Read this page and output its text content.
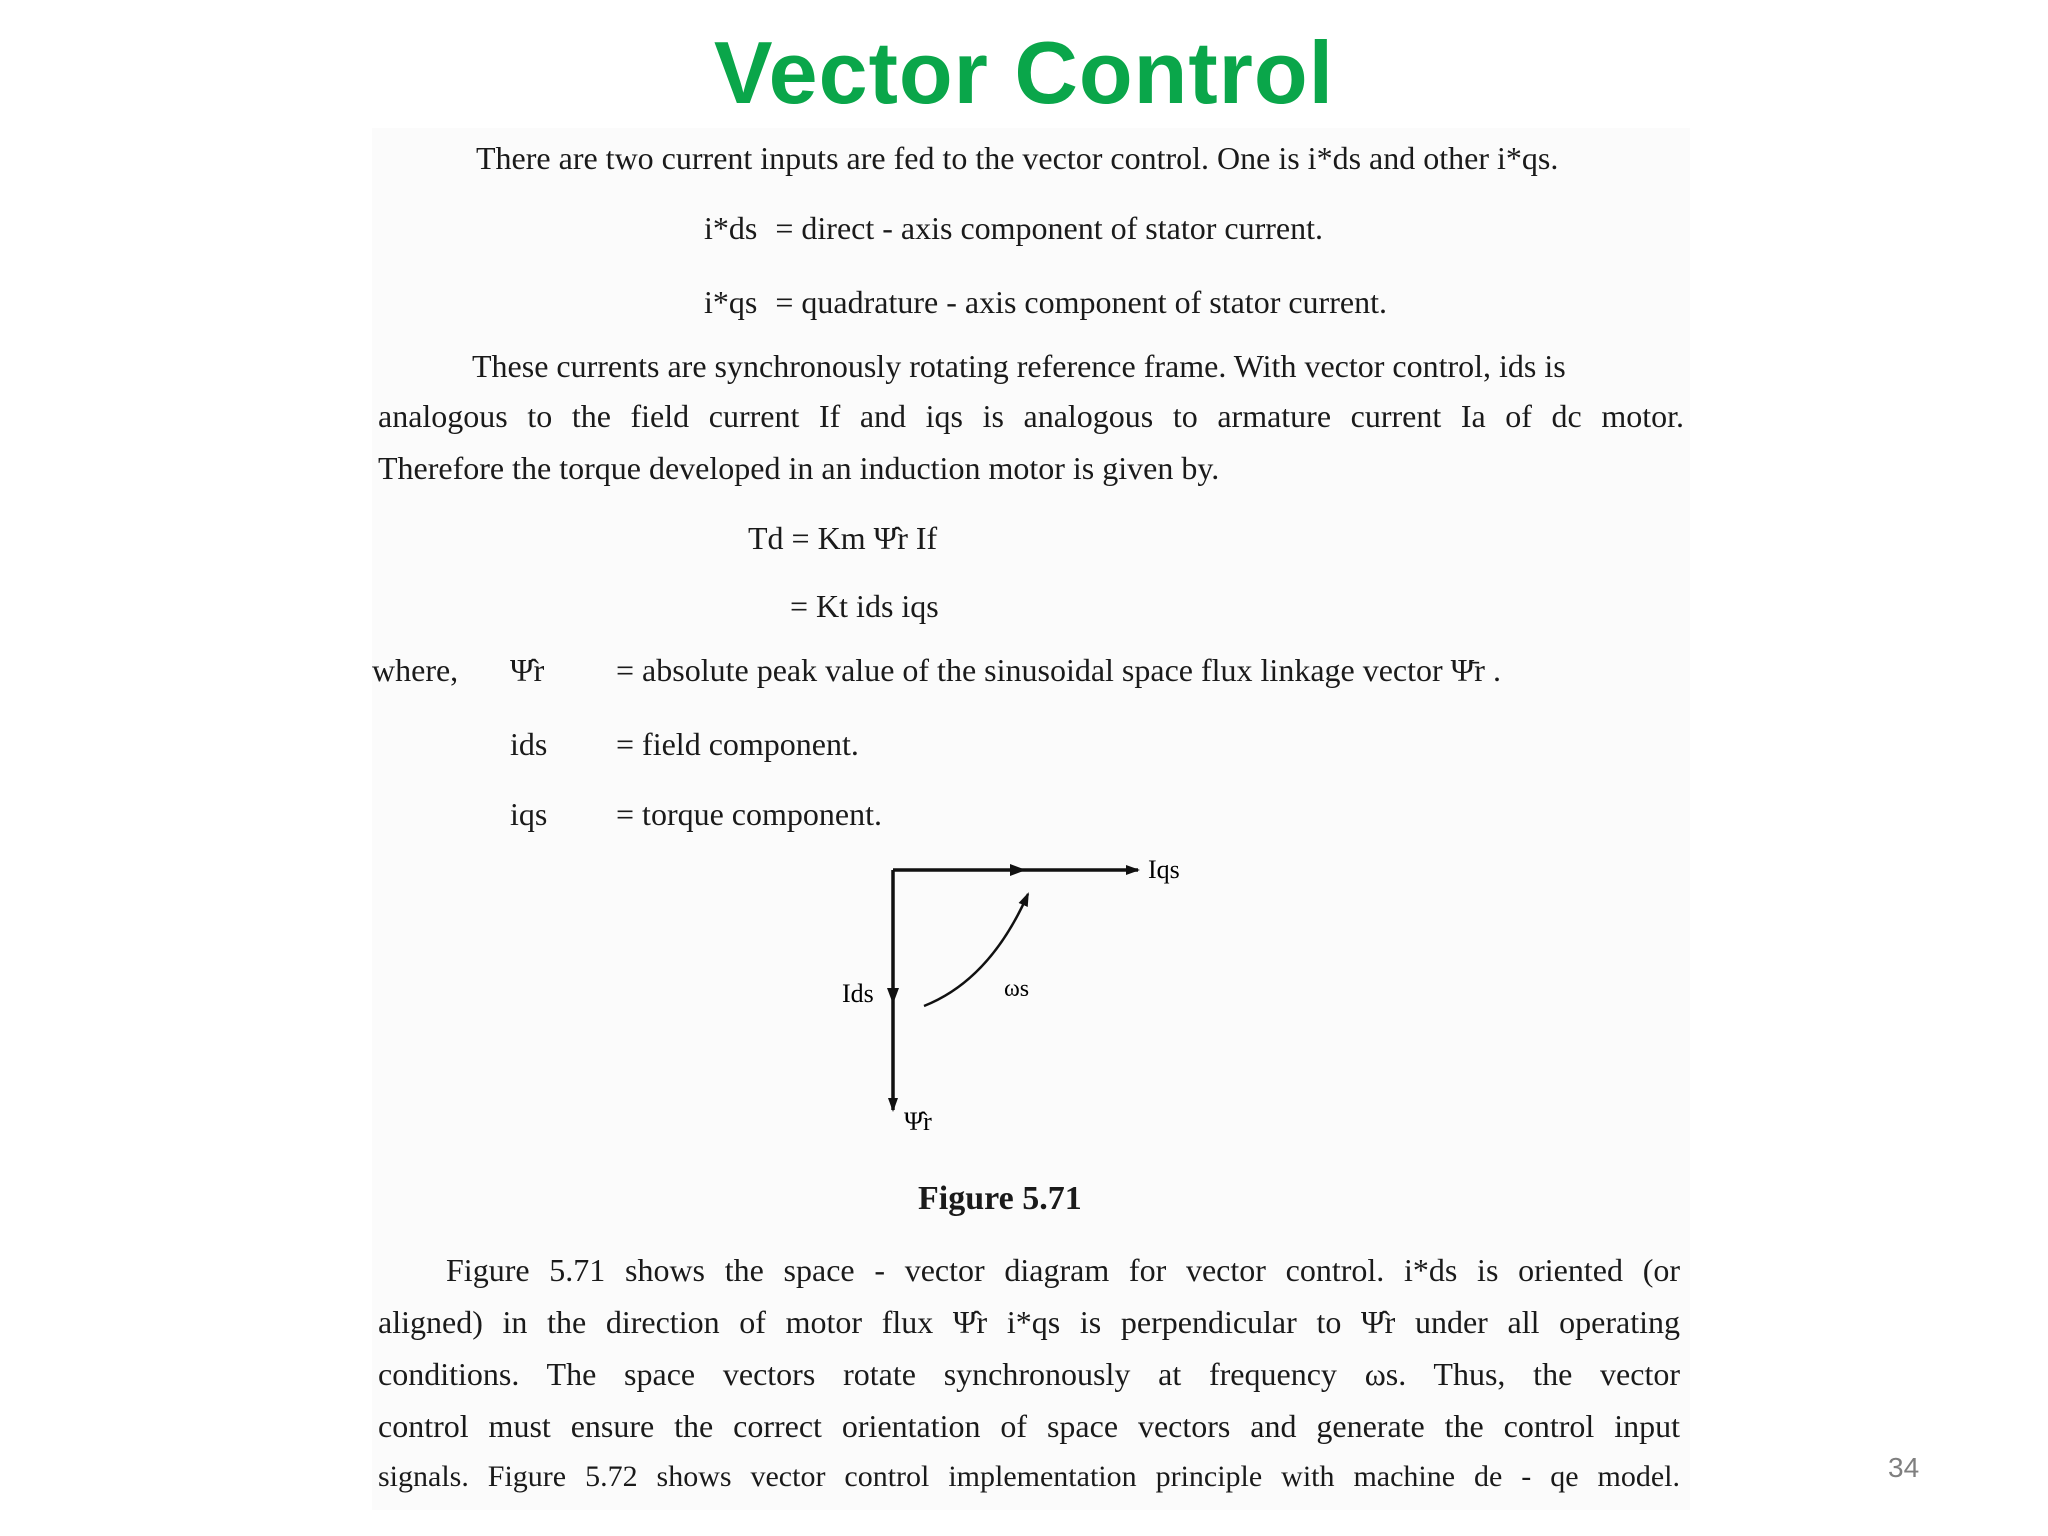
Vector Control
There are two current inputs are fed to the vector control. One is i*ds and other i*qs.
i*ds = direct - axis component of stator current.
i*qs = quadrature - axis component of stator current.
These currents are synchronously rotating reference frame. With vector control, ids is
analogous to the field current If and iqs is analogous to armature current Ia of dc motor.
Therefore the torque developed in an induction motor is given by.
Td = Km Ψ̂r If
= Kt ids iqs
where, Ψ̂r = absolute peak value of the sinusoidal space flux linkage vector Ψ̄r .
ids = field component.
iqs = torque component.
Iqs
Ids	ωs
Ψ̂r
Figure 5.71
Figure 5.71 shows the space - vector diagram for vector control. i*ds is oriented (or
aligned) in the direction of motor flux Ψ̂r i*qs is perpendicular to Ψ̂r under all operating
conditions. The space vectors rotate synchronously at frequency ωs. Thus, the vector
control must ensure the correct orientation of space vectors and generate the control input
signals. Figure 5.72 shows vector control implementation principle with machine de - qe model.	34
